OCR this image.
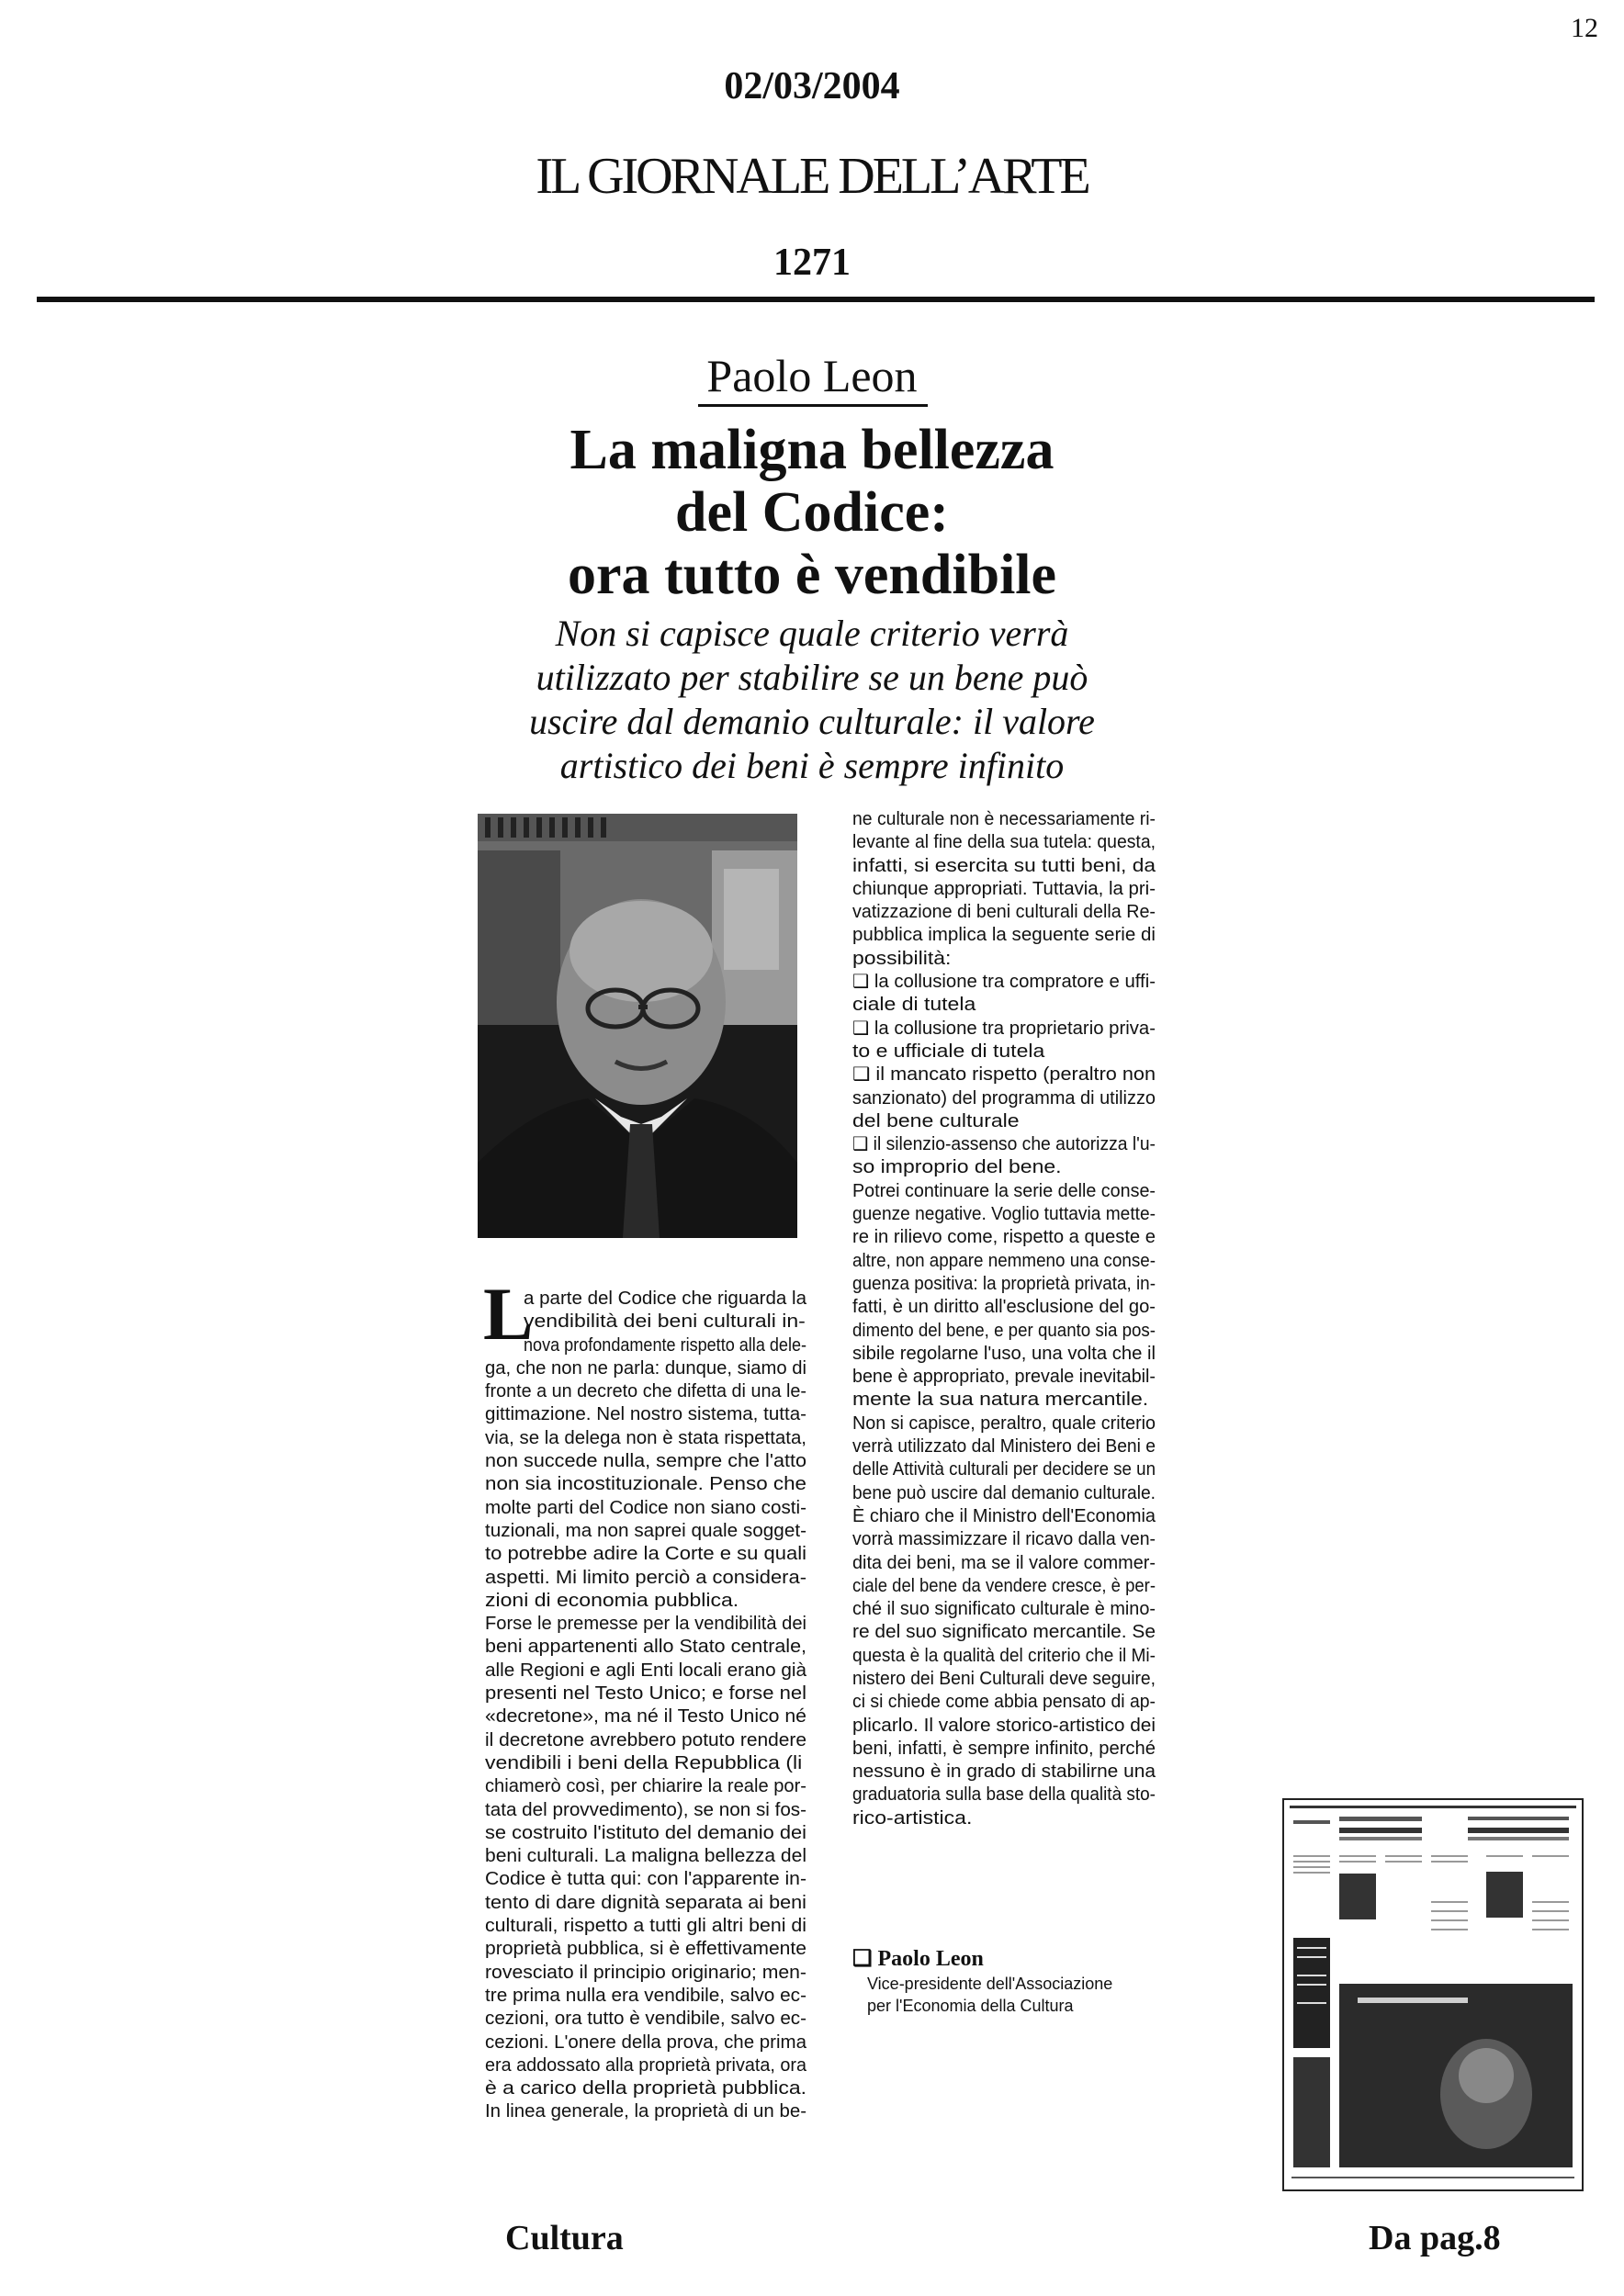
12
02/03/2004
IL GIORNALE DELL’ARTE
1271
Paolo Leon
La maligna bellezza
del Codice:
ora tutto è vendibile
Non si capisce quale criterio verrà
utilizzato per stabilire se un bene può
uscire dal demanio culturale: il valore
artistico dei beni è sempre infinito
L
a parte del Codice che riguarda la
vendibilità dei beni culturali in-
nova profondamente rispetto alla dele-
ga, che non ne parla: dunque, siamo di
fronte a un decreto che difetta di una le-
gittimazione. Nel nostro sistema, tutta-
via, se la delega non è stata rispettata,
non succede nulla, sempre che l'atto
non sia incostituzionale. Penso che
molte parti del Codice non siano costi-
tuzionali, ma non saprei quale sogget-
to potrebbe adire la Corte e su quali
aspetti. Mi limito perciò a considera-
zioni di economia pubblica.
Forse le premesse per la vendibilità dei
beni appartenenti allo Stato centrale,
alle Regioni e agli Enti locali erano già
presenti nel Testo Unico; e forse nel
«decretone», ma né il Testo Unico né
il decretone avrebbero potuto rendere
vendibili i beni della Repubblica (li
chiamerò così, per chiarire la reale por-
tata del provvedimento), se non si fos-
se costruito l'istituto del demanio dei
beni culturali. La maligna bellezza del
Codice è tutta qui: con l'apparente in-
tento di dare dignità separata ai beni
culturali, rispetto a tutti gli altri beni di
proprietà pubblica, si è effettivamente
rovesciato il principio originario; men-
tre prima nulla era vendibile, salvo ec-
cezioni, ora tutto è vendibile, salvo ec-
cezioni. L'onere della prova, che prima
era addossato alla proprietà privata, ora
è a carico della proprietà pubblica.
In linea generale, la proprietà di un be-
ne culturale non è necessariamente ri-
levante al fine della sua tutela: questa,
infatti, si esercita su tutti beni, da
chiunque appropriati. Tuttavia, la pri-
vatizzazione di beni culturali della Re-
pubblica implica la seguente serie di
possibilità:
❑ la collusione tra compratore e uffi-
ciale di tutela
❑ la collusione tra proprietario priva-
to e ufficiale di tutela
❑ il mancato rispetto (peraltro non
sanzionato) del programma di utilizzo
del bene culturale
❑ il silenzio-assenso che autorizza l'u-
so improprio del bene.
Potrei continuare la serie delle conse-
guenze negative. Voglio tuttavia mette-
re in rilievo come, rispetto a queste e
altre, non appare nemmeno una conse-
guenza positiva: la proprietà privata, in-
fatti, è un diritto all'esclusione del go-
dimento del bene, e per quanto sia pos-
sibile regolarne l'uso, una volta che il
bene è appropriato, prevale inevitabil-
mente la sua natura mercantile.
Non si capisce, peraltro, quale criterio
verrà utilizzato dal Ministero dei Beni e
delle Attività culturali per decidere se un
bene può uscire dal demanio culturale.
È chiaro che il Ministro dell'Economia
vorrà massimizzare il ricavo dalla ven-
dita dei beni, ma se il valore commer-
ciale del bene da vendere cresce, è per-
ché il suo significato culturale è mino-
re del suo significato mercantile. Se
questa è la qualità del criterio che il Mi-
nistero dei Beni Culturali deve seguire,
ci si chiede come abbia pensato di ap-
plicarlo. Il valore storico-artistico dei
beni, infatti, è sempre infinito, perché
nessuno è in grado di stabilirne una
graduatoria sulla base della qualità sto-
rico-artistica.
❑ Paolo Leon
Vice-presidente dell'Associazione
per l'Economia della Cultura
Cultura	Da pag.8
